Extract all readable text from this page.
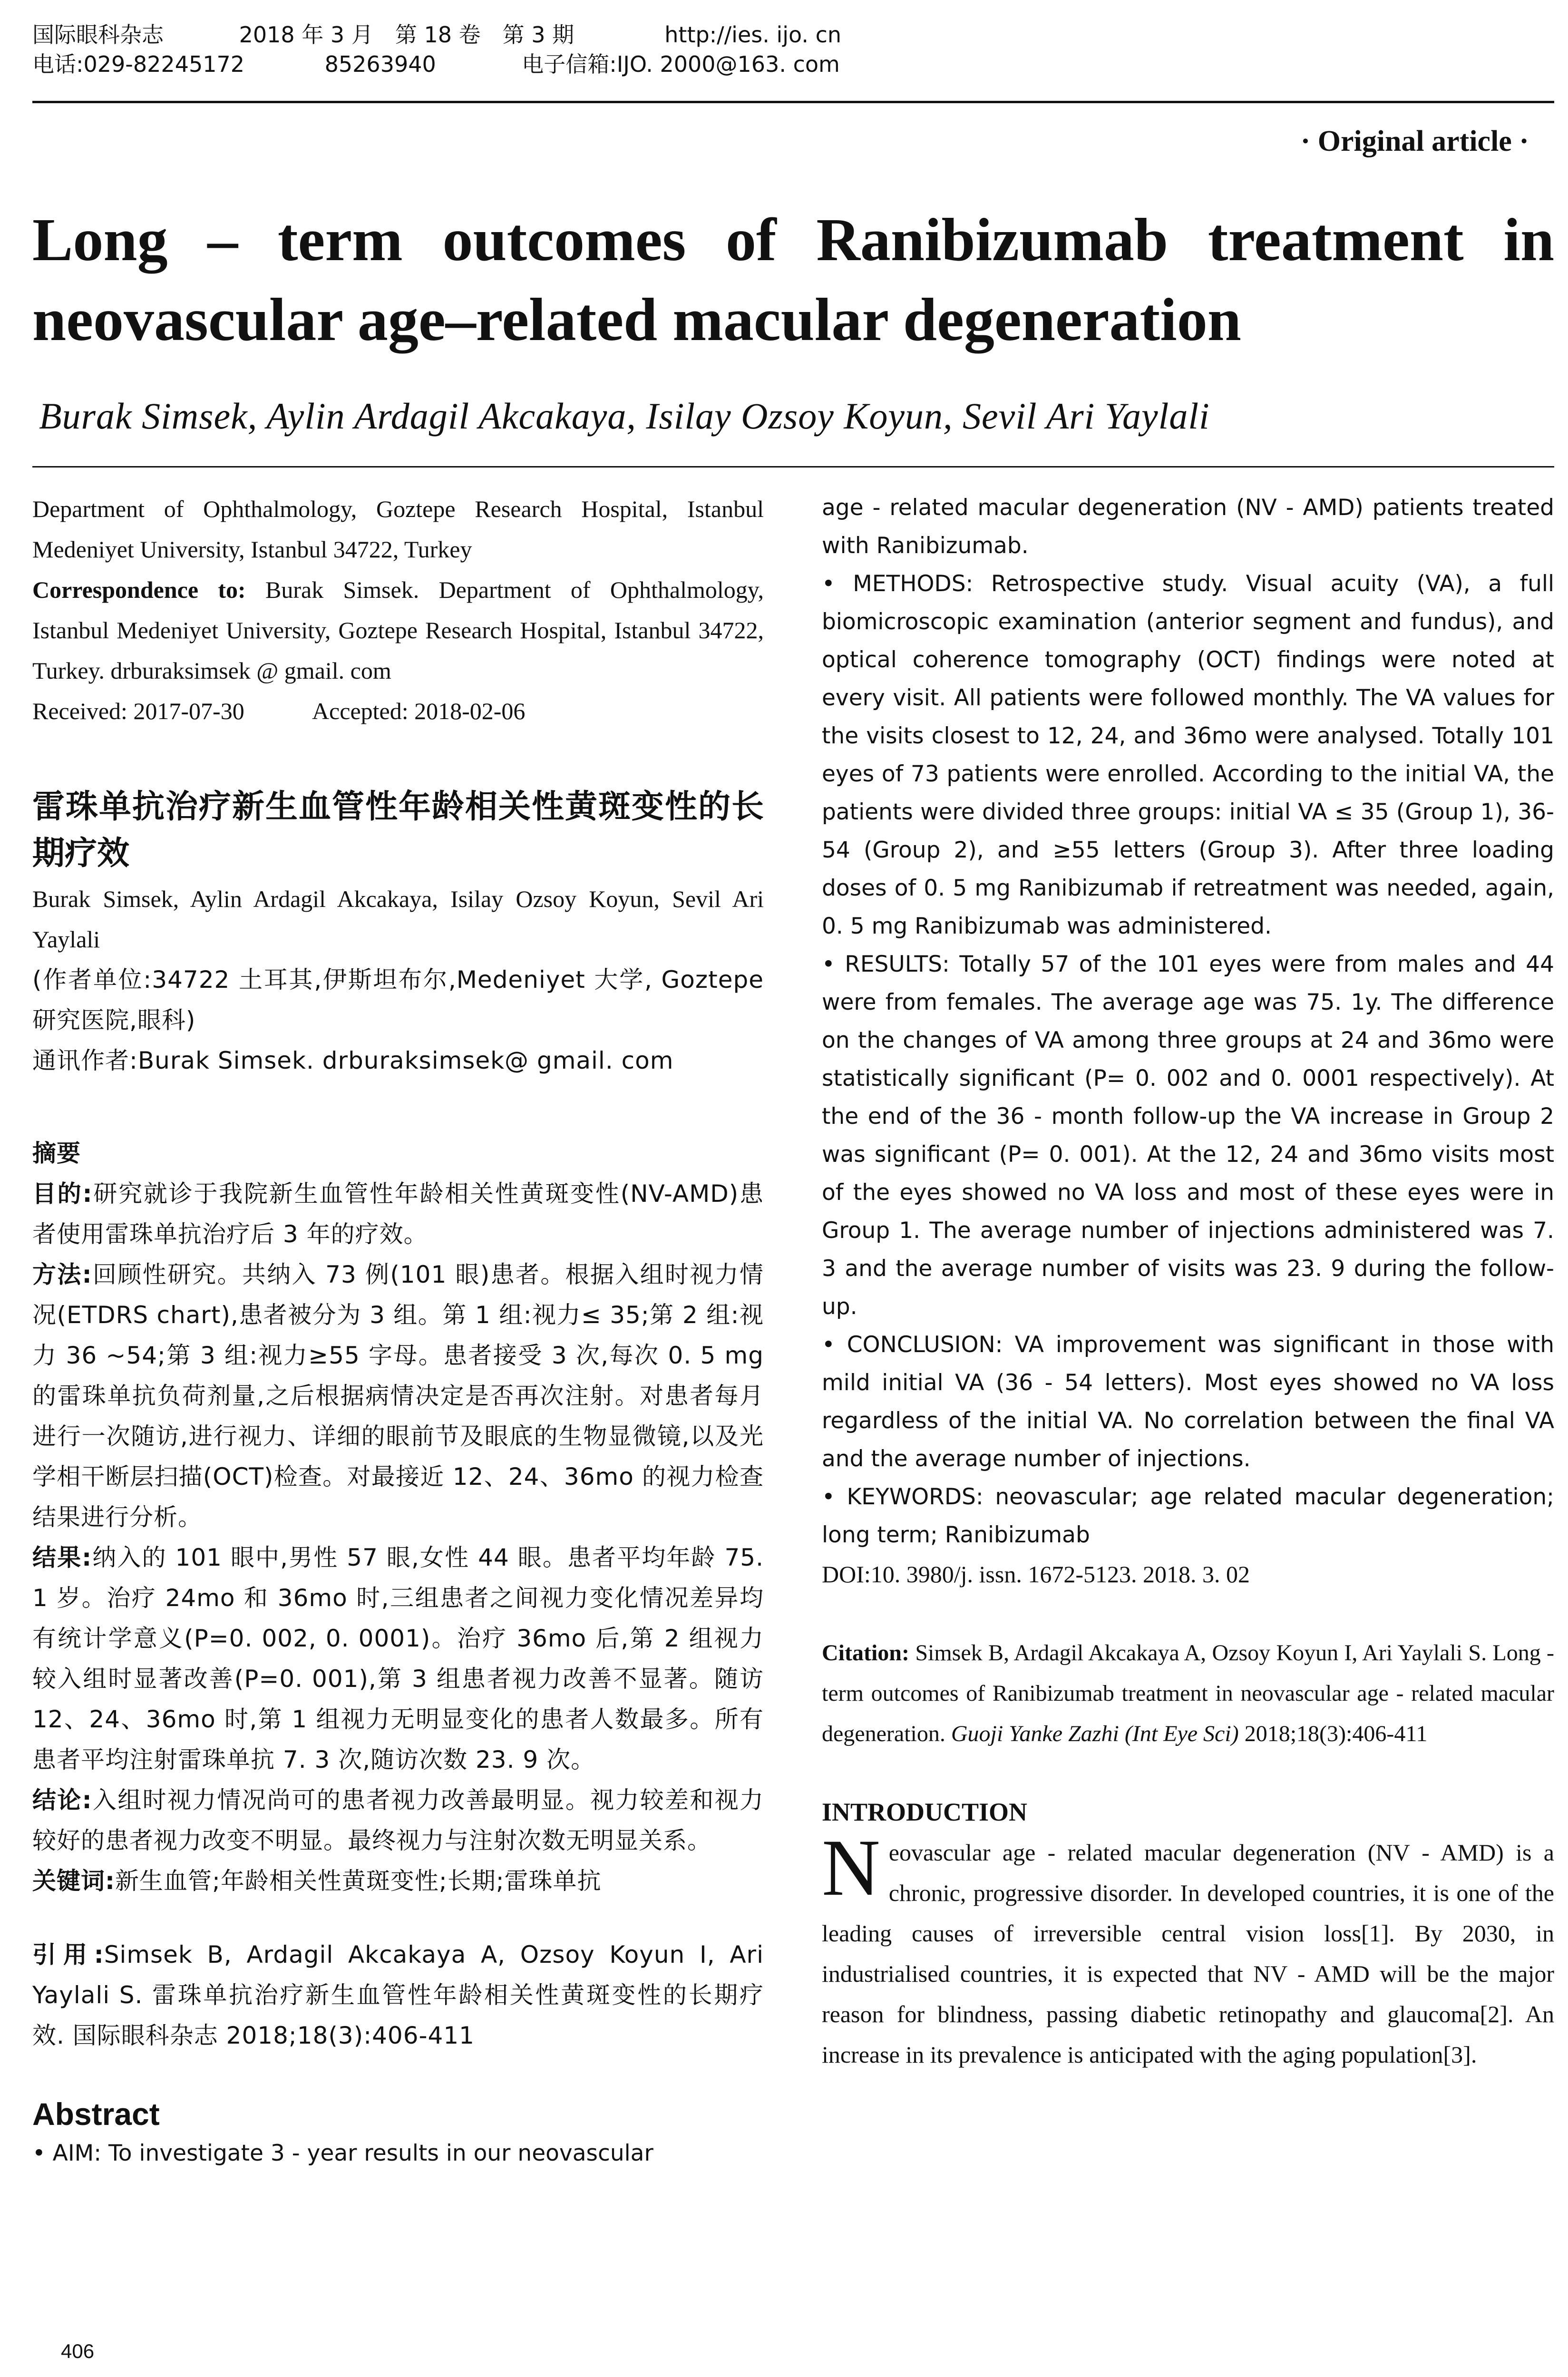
国际眼科杂志	2018 年 3 月　第 18 卷　第 3 期	http://ies. ijo. cn
电话:029-82245172	85263940	电子信箱:IJO. 2000@163. com
· Original article ·
Long – term outcomes of Ranibizumab treatment in
neovascular age–related macular degeneration
Burak Simsek, Aylin Ardagil Akcakaya, Isilay Ozsoy Koyun, Sevil Ari Yaylali

Department of Ophthalmology, Goztepe Research Hospital, Istanbul Medeniyet University, Istanbul 34722, Turkey

Correspondence to: Burak Simsek. Department of Ophthalmology, Istanbul Medeniyet University, Goztepe Research Hospital, Istanbul 34722, Turkey. drburaksimsek @ gmail. com

Received: 2017-07-30	Accepted: 2018-02-06

雷珠单抗治疗新生血管性年龄相关性黄斑变性的长期疗效

Burak Simsek, Aylin Ardagil Akcakaya, Isilay Ozsoy Koyun, Sevil Ari Yaylali

(作者单位:34722 土耳其,伊斯坦布尔,Medeniyet 大学, Goztepe 研究医院,眼科)

通讯作者:Burak Simsek. drburaksimsek@ gmail. com

摘要

目的:研究就诊于我院新生血管性年龄相关性黄斑变性(NV-AMD)患者使用雷珠单抗治疗后 3 年的疗效。

方法:回顾性研究。共纳入 73 例(101 眼)患者。根据入组时视力情况(ETDRS chart),患者被分为 3 组。第 1 组:视力≤ 35;第 2 组:视力 36 ~54;第 3 组:视力≥55 字母。患者接受 3 次,每次 0. 5 mg 的雷珠单抗负荷剂量,之后根据病情决定是否再次注射。对患者每月进行一次随访,进行视力、详细的眼前节及眼底的生物显微镜,以及光学相干断层扫描(OCT)检查。对最接近 12、24、36mo 的视力检查结果进行分析。

结果:纳入的 101 眼中,男性 57 眼,女性 44 眼。患者平均年龄 75. 1 岁。治疗 24mo 和 36mo 时,三组患者之间视力变化情况差异均有统计学意义(P=0. 002, 0. 0001)。治疗 36mo 后,第 2 组视力较入组时显著改善(P=0. 001),第 3 组患者视力改善不显著。随访 12、24、36mo 时,第 1 组视力无明显变化的患者人数最多。所有患者平均注射雷珠单抗 7. 3 次,随访次数 23. 9 次。

结论:入组时视力情况尚可的患者视力改善最明显。视力较差和视力较好的患者视力改变不明显。最终视力与注射次数无明显关系。

关键词:新生血管;年龄相关性黄斑变性;长期;雷珠单抗

引用:Simsek B, Ardagil Akcakaya A, Ozsoy Koyun I, Ari Yaylali S. 雷珠单抗治疗新生血管性年龄相关性黄斑变性的长期疗效. 国际眼科杂志 2018;18(3):406-411

Abstract

• AIM: To investigate 3 - year results in our neovascular

age - related macular degeneration (NV - AMD) patients treated with Ranibizumab.

• METHODS: Retrospective study. Visual acuity (VA), a full biomicroscopic examination (anterior segment and fundus), and optical coherence tomography (OCT) findings were noted at every visit. All patients were followed monthly. The VA values for the visits closest to 12, 24, and 36mo were analysed. Totally 101 eyes of 73 patients were enrolled. According to the initial VA, the patients were divided three groups: initial VA ≤ 35 (Group 1), 36-54 (Group 2), and ≥55 letters (Group 3). After three loading doses of 0. 5 mg Ranibizumab if retreatment was needed, again, 0. 5 mg Ranibizumab was administered.

• RESULTS: Totally 57 of the 101 eyes were from males and 44 were from females. The average age was 75. 1y. The difference on the changes of VA among three groups at 24 and 36mo were statistically significant (P= 0. 002 and 0. 0001 respectively). At the end of the 36 - month follow-up the VA increase in Group 2 was significant (P= 0. 001). At the 12, 24 and 36mo visits most of the eyes showed no VA loss and most of these eyes were in Group 1. The average number of injections administered was 7. 3 and the average number of visits was 23. 9 during the follow-up.

• CONCLUSION: VA improvement was significant in those with mild initial VA (36 - 54 letters). Most eyes showed no VA loss regardless of the initial VA. No correlation between the final VA and the average number of injections.

• KEYWORDS: neovascular; age related macular degeneration; long term; Ranibizumab

DOI:10. 3980/j. issn. 1672-5123. 2018. 3. 02

Citation: Simsek B, Ardagil Akcakaya A, Ozsoy Koyun I, Ari Yaylali S. Long - term outcomes of Ranibizumab treatment in neovascular age - related macular degeneration. Guoji Yanke Zazhi (Int Eye Sci) 2018;18(3):406-411

INTRODUCTION

Neovascular age - related macular degeneration (NV - AMD) is a chronic, progressive disorder. In developed countries, it is one of the leading causes of irreversible central vision loss[1]. By 2030, in industrialised countries, it is expected that NV - AMD will be the major reason for blindness, passing diabetic retinopathy and glaucoma[2]. An increase in its prevalence is anticipated with the aging population[3].

406
